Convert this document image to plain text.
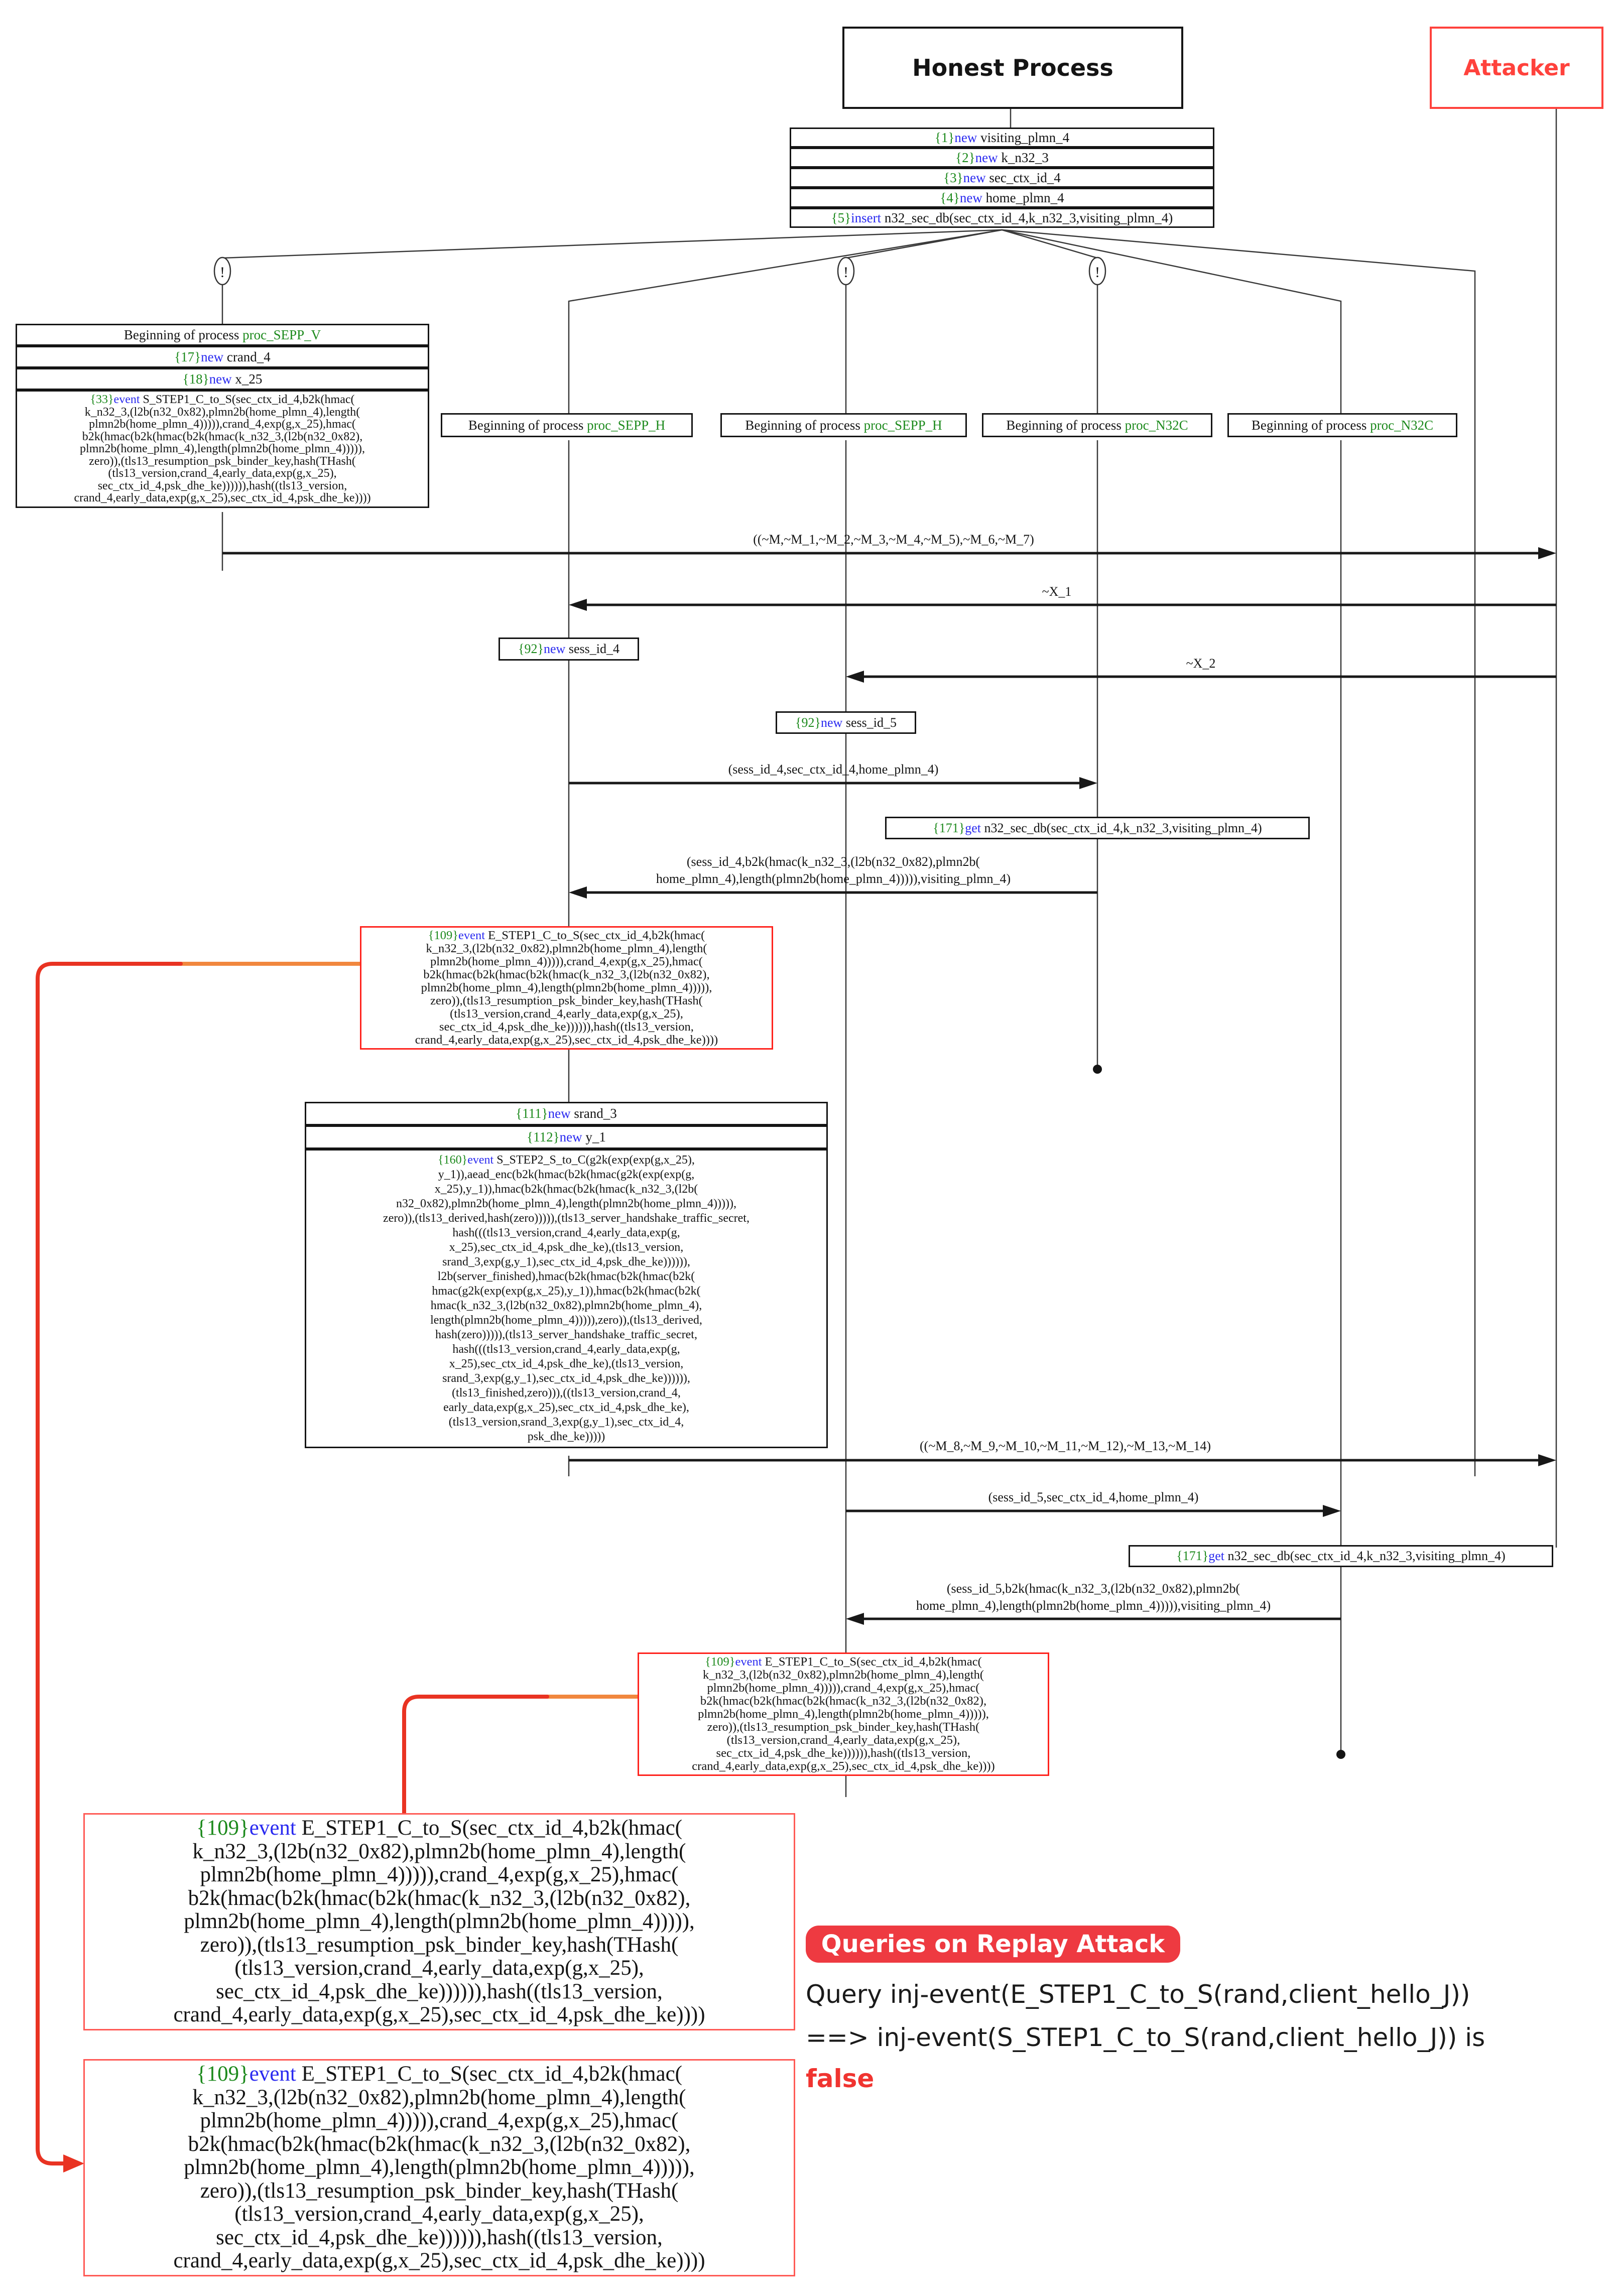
!	!	!
Honest Process	Attacker
{1}new visiting_plmn_4
{2}new k_n32_3
{3}new sec_ctx_id_4
{4}new home_plmn_4
{5}insert n32_sec_db(sec_ctx_id_4,k_n32_3,visiting_plmn_4)
Beginning of process proc_SEPP_V
{17}new crand_4
{18}new x_25
{33}event S_STEP1_C_to_S(sec_ctx_id_4,b2k(hmac(
k_n32_3,(l2b(n32_0x82),plmn2b(home_plmn_4),length(
plmn2b(home_plmn_4))))),crand_4,exp(g,x_25),hmac(
b2k(hmac(b2k(hmac(b2k(hmac(k_n32_3,(l2b(n32_0x82),
plmn2b(home_plmn_4),length(plmn2b(home_plmn_4))))),
zero)),(tls13_resumption_psk_binder_key,hash(THash(
(tls13_version,crand_4,early_data,exp(g,x_25),
sec_ctx_id_4,psk_dhe_ke)))))),hash((tls13_version,
crand_4,early_data,exp(g,x_25),sec_ctx_id_4,psk_dhe_ke))))
Beginning of process proc_SEPP_H	Beginning of process proc_SEPP_H	Beginning of process proc_N32C	Beginning of process proc_N32C
{92}new sess_id_4
{92}new sess_id_5
{171}get n32_sec_db(sec_ctx_id_4,k_n32_3,visiting_plmn_4)
{171}get n32_sec_db(sec_ctx_id_4,k_n32_3,visiting_plmn_4)
{109}event E_STEP1_C_to_S(sec_ctx_id_4,b2k(hmac(
k_n32_3,(l2b(n32_0x82),plmn2b(home_plmn_4),length(
plmn2b(home_plmn_4))))),crand_4,exp(g,x_25),hmac(
b2k(hmac(b2k(hmac(b2k(hmac(k_n32_3,(l2b(n32_0x82),
plmn2b(home_plmn_4),length(plmn2b(home_plmn_4))))),
zero)),(tls13_resumption_psk_binder_key,hash(THash(
(tls13_version,crand_4,early_data,exp(g,x_25),
sec_ctx_id_4,psk_dhe_ke)))))),hash((tls13_version,
crand_4,early_data,exp(g,x_25),sec_ctx_id_4,psk_dhe_ke))))
{109}event E_STEP1_C_to_S(sec_ctx_id_4,b2k(hmac(
k_n32_3,(l2b(n32_0x82),plmn2b(home_plmn_4),length(
plmn2b(home_plmn_4))))),crand_4,exp(g,x_25),hmac(
b2k(hmac(b2k(hmac(b2k(hmac(k_n32_3,(l2b(n32_0x82),
plmn2b(home_plmn_4),length(plmn2b(home_plmn_4))))),
zero)),(tls13_resumption_psk_binder_key,hash(THash(
(tls13_version,crand_4,early_data,exp(g,x_25),
sec_ctx_id_4,psk_dhe_ke)))))),hash((tls13_version,
crand_4,early_data,exp(g,x_25),sec_ctx_id_4,psk_dhe_ke))))
{111}new srand_3
{112}new y_1
{160}event S_STEP2_S_to_C(g2k(exp(exp(g,x_25),
y_1)),aead_enc(b2k(hmac(b2k(hmac(g2k(exp(exp(g,
x_25),y_1)),hmac(b2k(hmac(b2k(hmac(k_n32_3,(l2b(
n32_0x82),plmn2b(home_plmn_4),length(plmn2b(home_plmn_4))))),
zero)),(tls13_derived,hash(zero))))),(tls13_server_handshake_traffic_secret,
hash(((tls13_version,crand_4,early_data,exp(g,
x_25),sec_ctx_id_4,psk_dhe_ke),(tls13_version,
srand_3,exp(g,y_1),sec_ctx_id_4,psk_dhe_ke)))))),
l2b(server_finished),hmac(b2k(hmac(b2k(hmac(b2k(
hmac(g2k(exp(exp(g,x_25),y_1)),hmac(b2k(hmac(b2k(
hmac(k_n32_3,(l2b(n32_0x82),plmn2b(home_plmn_4),
length(plmn2b(home_plmn_4))))),zero)),(tls13_derived,
hash(zero))))),(tls13_server_handshake_traffic_secret,
hash(((tls13_version,crand_4,early_data,exp(g,
x_25),sec_ctx_id_4,psk_dhe_ke),(tls13_version,
srand_3,exp(g,y_1),sec_ctx_id_4,psk_dhe_ke)))))),
(tls13_finished,zero))),((tls13_version,crand_4,
early_data,exp(g,x_25),sec_ctx_id_4,psk_dhe_ke),
(tls13_version,srand_3,exp(g,y_1),sec_ctx_id_4,
psk_dhe_ke)))))
((~M,~M_1,~M_2,~M_3,~M_4,~M_5),~M_6,~M_7)
~X_1
~X_2
(sess_id_4,sec_ctx_id_4,home_plmn_4)
(sess_id_4,b2k(hmac(k_n32_3,(l2b(n32_0x82),plmn2b(
home_plmn_4),length(plmn2b(home_plmn_4))))),visiting_plmn_4)
((~M_8,~M_9,~M_10,~M_11,~M_12),~M_13,~M_14)
(sess_id_5,sec_ctx_id_4,home_plmn_4)
(sess_id_5,b2k(hmac(k_n32_3,(l2b(n32_0x82),plmn2b(
home_plmn_4),length(plmn2b(home_plmn_4))))),visiting_plmn_4)
{109}event E_STEP1_C_to_S(sec_ctx_id_4,b2k(hmac(
k_n32_3,(l2b(n32_0x82),plmn2b(home_plmn_4),length(
plmn2b(home_plmn_4))))),crand_4,exp(g,x_25),hmac(
b2k(hmac(b2k(hmac(b2k(hmac(k_n32_3,(l2b(n32_0x82),
plmn2b(home_plmn_4),length(plmn2b(home_plmn_4))))),
zero)),(tls13_resumption_psk_binder_key,hash(THash(
(tls13_version,crand_4,early_data,exp(g,x_25),
sec_ctx_id_4,psk_dhe_ke)))))),hash((tls13_version,
crand_4,early_data,exp(g,x_25),sec_ctx_id_4,psk_dhe_ke))))
{109}event E_STEP1_C_to_S(sec_ctx_id_4,b2k(hmac(
k_n32_3,(l2b(n32_0x82),plmn2b(home_plmn_4),length(
plmn2b(home_plmn_4))))),crand_4,exp(g,x_25),hmac(
b2k(hmac(b2k(hmac(b2k(hmac(k_n32_3,(l2b(n32_0x82),
plmn2b(home_plmn_4),length(plmn2b(home_plmn_4))))),
zero)),(tls13_resumption_psk_binder_key,hash(THash(
(tls13_version,crand_4,early_data,exp(g,x_25),
sec_ctx_id_4,psk_dhe_ke)))))),hash((tls13_version,
crand_4,early_data,exp(g,x_25),sec_ctx_id_4,psk_dhe_ke))))
Queries on Replay Attack
Query inj-event(E_STEP1_C_to_S(rand,client_hello_J))
==> inj-event(S_STEP1_C_to_S(rand,client_hello_J)) is
false
